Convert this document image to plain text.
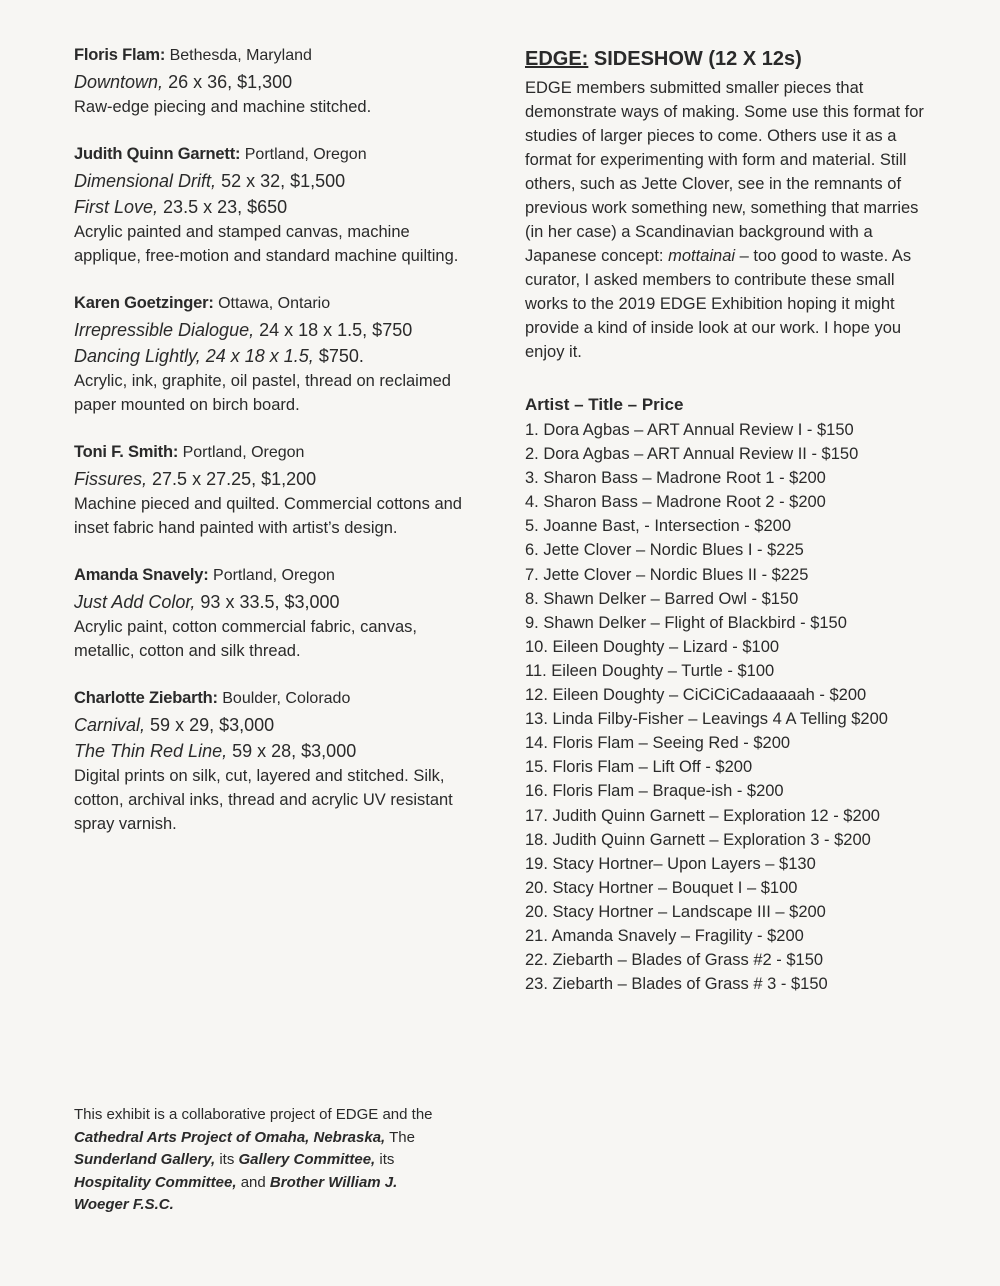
Floris Flam: Bethesda, Maryland
Downtown, 26 x 36, $1,300
Raw-edge piecing and machine stitched.
Judith Quinn Garnett: Portland, Oregon
Dimensional Drift, 52 x 32, $1,500
First Love, 23.5 x 23, $650
Acrylic painted and stamped canvas, machine applique, free-motion and standard machine quilting.
Karen Goetzinger: Ottawa, Ontario
Irrepressible Dialogue, 24 x 18 x 1.5, $750
Dancing Lightly, 24 x 18 x 1.5, $750.
Acrylic, ink, graphite, oil pastel, thread on reclaimed paper mounted on birch board.
Toni F. Smith: Portland, Oregon
Fissures, 27.5 x 27.25, $1,200
Machine pieced and quilted. Commercial cottons and inset fabric hand painted with artist’s design.
Amanda Snavely: Portland, Oregon
Just Add Color, 93 x 33.5, $3,000
Acrylic paint, cotton commercial fabric, canvas, metallic, cotton and silk thread.
Charlotte Ziebarth: Boulder, Colorado
Carnival, 59 x 29, $3,000
The Thin Red Line, 59 x 28, $3,000
Digital prints on silk, cut, layered and stitched. Silk, cotton, archival inks, thread and acrylic UV resistant spray varnish.
EDGE: SIDESHOW (12 X 12s)
EDGE members submitted smaller pieces that demonstrate ways of making. Some use this format for studies of larger pieces to come. Others use it as a format for experimenting with form and material. Still others, such as Jette Clover, see in the remnants of previous work something new, something that marries (in her case) a Scandinavian background with a Japanese concept: mottainai – too good to waste. As curator, I asked members to contribute these small works to the 2019 EDGE Exhibition hoping it might provide a kind of inside look at our work. I hope you enjoy it.
Artist – Title – Price
1. Dora Agbas – ART Annual Review I - $150
2. Dora Agbas – ART Annual Review II - $150
3. Sharon Bass – Madrone Root 1 - $200
4. Sharon Bass – Madrone Root 2 - $200
5. Joanne Bast, - Intersection - $200
6. Jette Clover – Nordic Blues I - $225
7. Jette Clover – Nordic Blues II - $225
8. Shawn Delker – Barred Owl - $150
9. Shawn Delker – Flight of Blackbird - $150
10. Eileen Doughty – Lizard - $100
11. Eileen Doughty – Turtle - $100
12. Eileen Doughty – CiCiCiCadaaaaah - $200
13. Linda Filby-Fisher – Leavings 4 A Telling $200
14. Floris Flam – Seeing Red - $200
15. Floris Flam – Lift Off - $200
16. Floris Flam – Braque-ish - $200
17. Judith Quinn Garnett – Exploration 12 - $200
18. Judith Quinn Garnett – Exploration 3 - $200
19. Stacy Hortner– Upon Layers – $130
20. Stacy Hortner – Bouquet I – $100
20. Stacy Hortner – Landscape III – $200
21. Amanda Snavely – Fragility - $200
22. Ziebarth – Blades of Grass #2 - $150
23. Ziebarth – Blades of Grass # 3 - $150
This exhibit is a collaborative project of EDGE and the Cathedral Arts Project of Omaha, Nebraska, The Sunderland Gallery, its Gallery Committee, its Hospitality Committee, and Brother William J. Woeger F.S.C.
